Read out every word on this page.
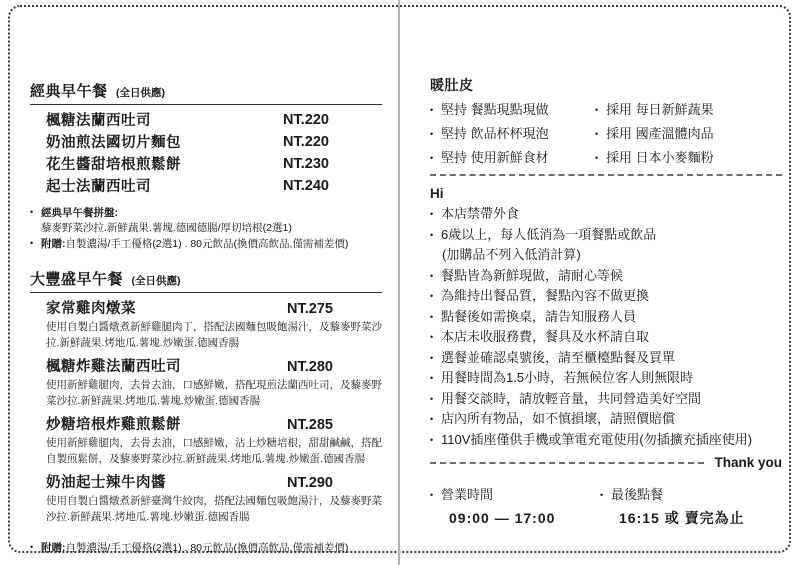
經典早午餐 (全日供應)
楓糖法蘭西吐司	NT.220
奶油煎法國切片麵包	NT.220
花生醬甜培根煎鬆餅	NT.230
起士法蘭西吐司	NT.240
• 經典早午餐拼盤:
藜麥野菜沙拉.新鮮蔬果.薯塊.德國德腸/厚切培根(2選1)
• 附贈:自製濃湯/手工優格(2選1) . 80元飲品(換價高飲品,僅需補差價)
大豐盛早午餐 (全日供應)
家常雞肉燉菜	NT.275
使用自製白醬燉煮新鮮雞腿肉丁，搭配法國麵包吸飽湯汁，及藜麥野菜沙拉.新鮮蔬果.烤地瓜.薯塊.炒嫩蛋.德國香腸
楓糖炸雞法蘭西吐司	NT.280
使用新鮮雞腿肉，去骨去油，口感鮮嫩，搭配現煎法蘭西吐司，及藜麥野菜沙拉.新鮮蔬果.烤地瓜.薯塊.炒嫩蛋.德國香腸
炒糖培根炸雞煎鬆餅	NT.285
使用新鮮雞腿肉，去骨去油，口感鮮嫩，沾上炒糖培根，甜甜鹹鹹，搭配自製煎鬆餅，及藜麥野菜沙拉.新鮮蔬果.烤地瓜.薯塊.炒嫩蛋.德國香腸
奶油起士辣牛肉醬	NT.290
使用自製白醬燉煮新鮮臺灣牛絞肉，搭配法國麵包吸飽湯汁，及藜麥野菜沙拉.新鮮蔬果.烤地瓜.薯塊.炒嫩蛋.德國香腸
• 附贈:自製濃湯/手工優格(2選1) . 80元飲品(換價高飲品,僅需補差價)
暖肚皮
• 堅持 餐點現點現做	• 採用 每日新鮮蔬果
• 堅持 飲品杯杯現泡	• 採用 國產溫體肉品
• 堅持 使用新鮮食材	• 採用 日本小麥麵粉
Hi
• 本店禁帶外食
• 6歲以上，每人低消為一項餐點或飲品
(加購品不列入低消計算)
• 餐點皆為新鮮現做，請耐心等候
• 為維持出餐品質，餐點內容不做更換
• 點餐後如需換桌，請告知服務人員
• 本店未收服務費，餐具及水杯請自取
• 選餐並確認桌號後，請至櫃檯點餐及買單
• 用餐時間為1.5小時，若無候位客人則無限時
• 用餐交談時，請放輕音量，共同營造美好空間
• 店內所有物品，如不慎損壞，請照價賠償
• 110V插座僅供手機或筆電充電使用(勿插擴充插座使用)
Thank you
• 營業時間
09:00 — 17:00
• 最後點餐
16:15 或 賣完為止
